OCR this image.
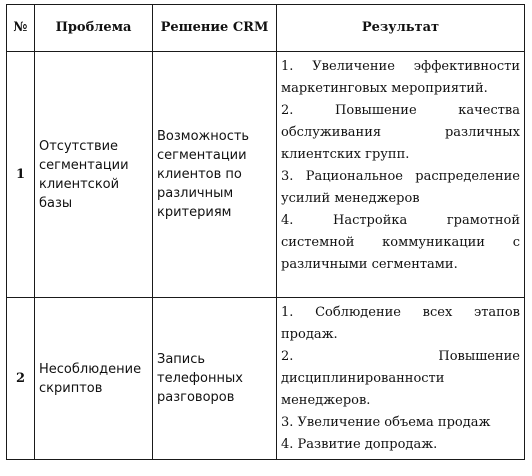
№	Проблема	Решение CRM	Результат
1	Отсутствие сегментации клиентской базы	Возможность сегментации клиентов по различным критериям	1. Увеличение эффективности маркетинговых мероприятий.
2. Повышение качества обслуживания различных клиентских групп.
3. Рациональное распределение усилий менеджеров
4. Настройка грамотной системной коммуникации с различными сегментами.

2	Несоблюдение скриптов	Запись телефонных разговоров	1. Соблюдение всех этапов продаж.
2. Повышение дисциплинированности менеджеров.
3. Увеличение объема продаж
4. Развитие допродаж.
